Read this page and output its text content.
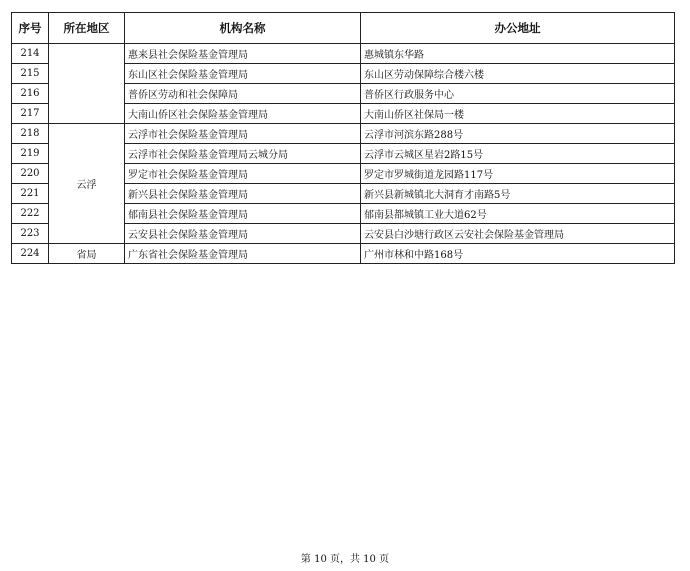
序号	所在地区	机构名称	办公地址
214		惠来县社会保险基金管理局	惠城镇东华路
215		东山区社会保险基金管理局	东山区劳动保障综合楼六楼
216		普侨区劳动和社会保障局	普侨区行政服务中心
217		大南山侨区社会保险基金管理局	大南山侨区社保局一楼
218	云浮	云浮市社会保险基金管理局	云浮市河滨东路288号
219		云浮市社会保险基金管理局云城分局	云浮市云城区星岩2路15号
220		罗定市社会保险基金管理局	罗定市罗城街道龙园路117号
221		新兴县社会保险基金管理局	新兴县新城镇北大洞育才南路5号
222		郁南县社会保险基金管理局	郁南县都城镇工业大道62号
223		云安县社会保险基金管理局	云安县白沙塘行政区云安社会保险基金管理局
224	省局	广东省社会保险基金管理局	广州市林和中路168号
第 10 页，共 10 页
